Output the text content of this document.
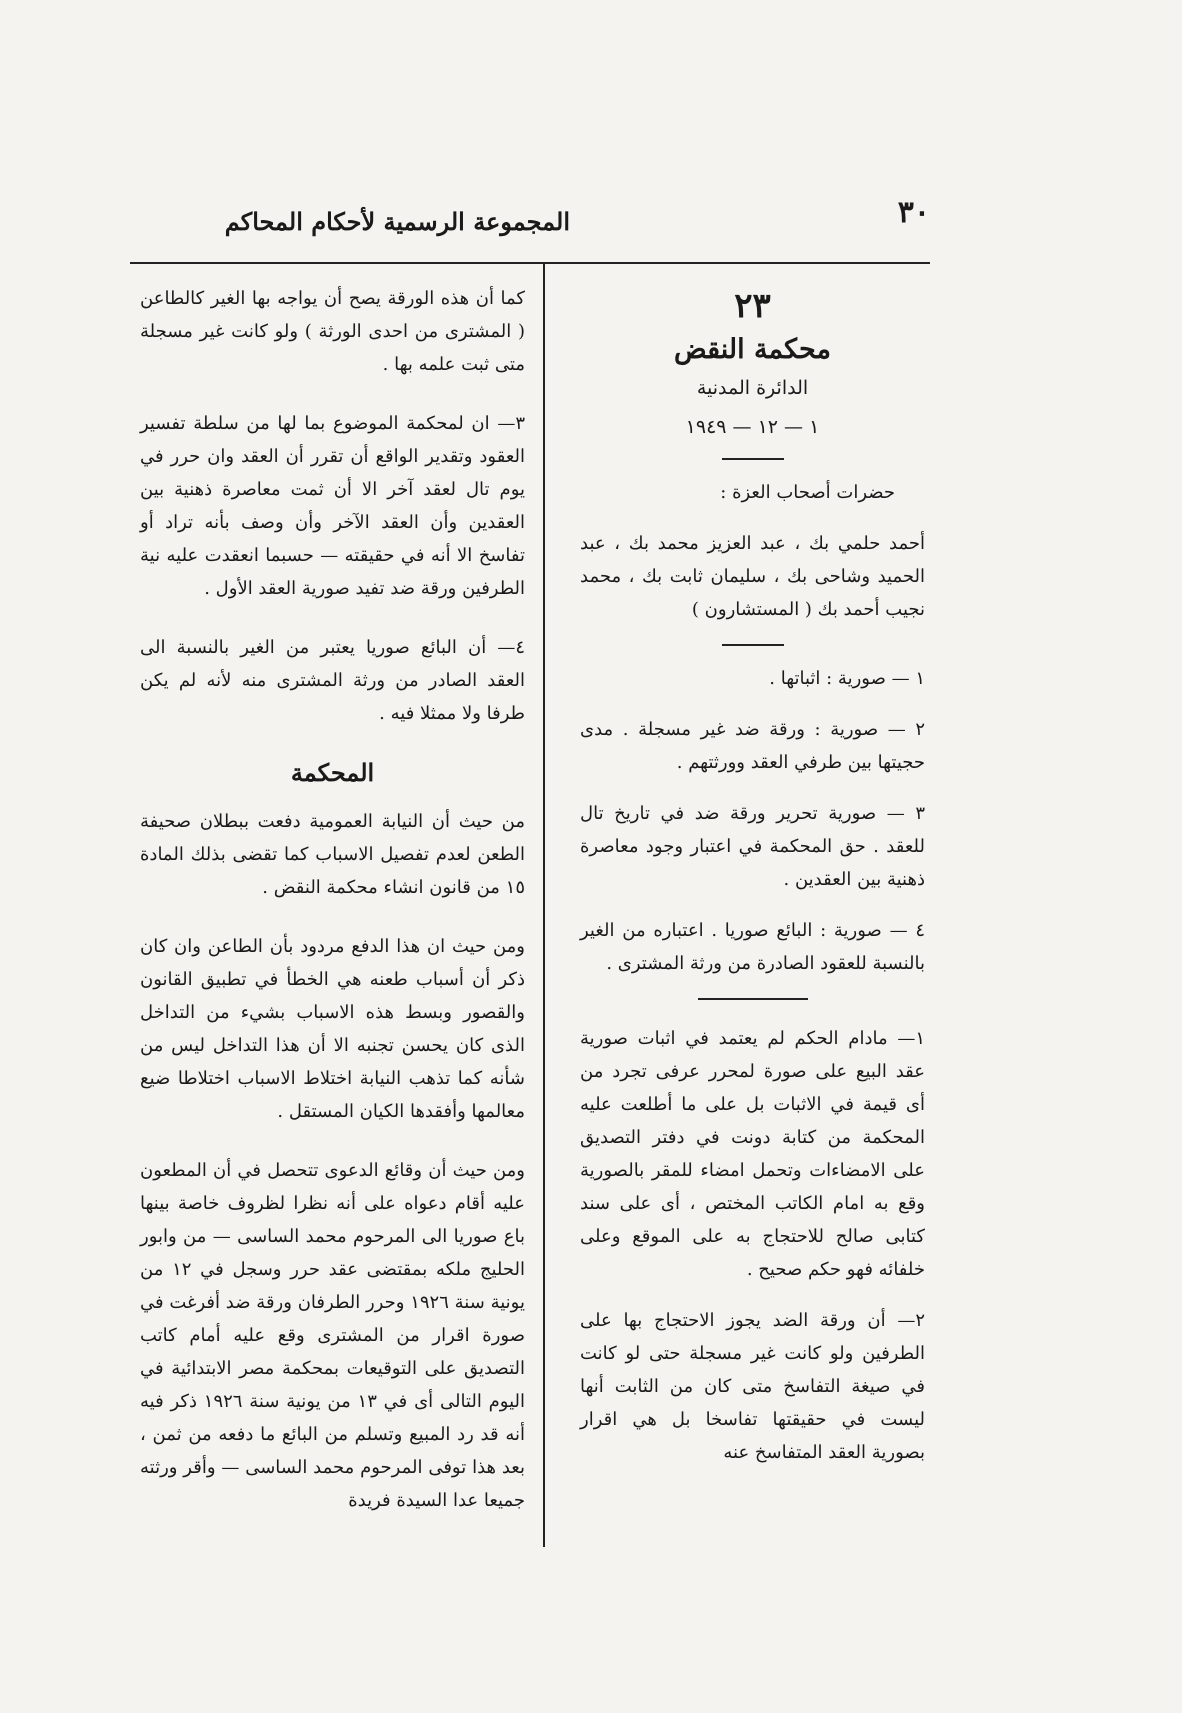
٣٠
المجموعة الرسمية لأحكام المحاكم
٢٣
محكمة النقض
الدائرة المدنية
١ — ١٢ — ١٩٤٩

حضرات أصحاب العزة :

أحمد حلمي بك ، عبد العزيز محمد بك ، عبد الحميد وشاحى بك ، سليمان ثابت بك ، محمد نجيب أحمد بك ( المستشارون )

١ — صورية : اثباتها .

٢ — صورية : ورقة ضد غير مسجلة . مدى حجيتها بين طرفي العقد وورثتهم .

٣ — صورية تحرير ورقة ضد في تاريخ تال للعقد . حق المحكمة في اعتبار وجود معاصرة ذهنية بين العقدين .

٤ — صورية : البائع صوريا . اعتباره من الغير بالنسبة للعقود الصادرة من ورثة المشترى .

١— مادام الحكم لم يعتمد في اثبات صورية عقد البيع على صورة لمحرر عرفى تجرد من أى قيمة في الاثبات بل على ما أطلعت عليه المحكمة من كتابة دونت في دفتر التصديق على الامضاءات وتحمل امضاء للمقر بالصورية وقع به امام الكاتب المختص ، أى على سند كتابى صالح للاحتجاج به على الموقع وعلى خلفائه فهو حكم صحيح .

٢— أن ورقة الضد يجوز الاحتجاج بها على الطرفين ولو كانت غير مسجلة حتى لو كانت في صيغة التفاسخ متى كان من الثابت أنها ليست في حقيقتها تفاسخا بل هي اقرار بصورية العقد المتفاسخ عنه

كما أن هذه الورقة يصح أن يواجه بها الغير كالطاعن ( المشترى من احدى الورثة ) ولو كانت غير مسجلة متى ثبت علمه بها .

٣— ان لمحكمة الموضوع بما لها من سلطة تفسير العقود وتقدير الواقع أن تقرر أن العقد وان حرر في يوم تال لعقد آخر الا أن ثمت معاصرة ذهنية بين العقدين وأن العقد الآخر وأن وصف بأنه تراد أو تفاسخ الا أنه في حقيقته — حسبما انعقدت عليه نية الطرفين ورقة ضد تفيد صورية العقد الأول .

٤— أن البائع صوريا يعتبر من الغير بالنسبة الى العقد الصادر من ورثة المشترى منه لأنه لم يكن طرفا ولا ممثلا فيه .

المحكمة

من حيث أن النيابة العمومية دفعت ببطلان صحيفة الطعن لعدم تفصيل الاسباب كما تقضى بذلك المادة ١٥ من قانون انشاء محكمة النقض .

ومن حيث ان هذا الدفع مردود بأن الطاعن وان كان ذكر أن أسباب طعنه هي الخطأ في تطبيق القانون والقصور وبسط هذه الاسباب بشيء من التداخل الذى كان يحسن تجنبه الا أن هذا التداخل ليس من شأنه كما تذهب النيابة اختلاط الاسباب اختلاطا ضيع معالمها وأفقدها الكيان المستقل .

ومن حيث أن وقائع الدعوى تتحصل في أن المطعون عليه أقام دعواه على أنه نظرا لظروف خاصة بينها باع صوريا الى المرحوم محمد الساسى — من وابور الحليج ملكه بمقتضى عقد حرر وسجل في ١٢ من يونية سنة ١٩٢٦ وحرر الطرفان ورقة ضد أفرغت في صورة اقرار من المشترى وقع عليه أمام كاتب التصديق على التوقيعات بمحكمة مصر الابتدائية في اليوم التالى أى في ١٣ من يونية سنة ١٩٢٦ ذكر فيه أنه قد رد المبيع وتسلم من البائع ما دفعه من ثمن ، بعد هذا توفى المرحوم محمد الساسى — وأقر ورثته جميعا عدا السيدة فريدة
